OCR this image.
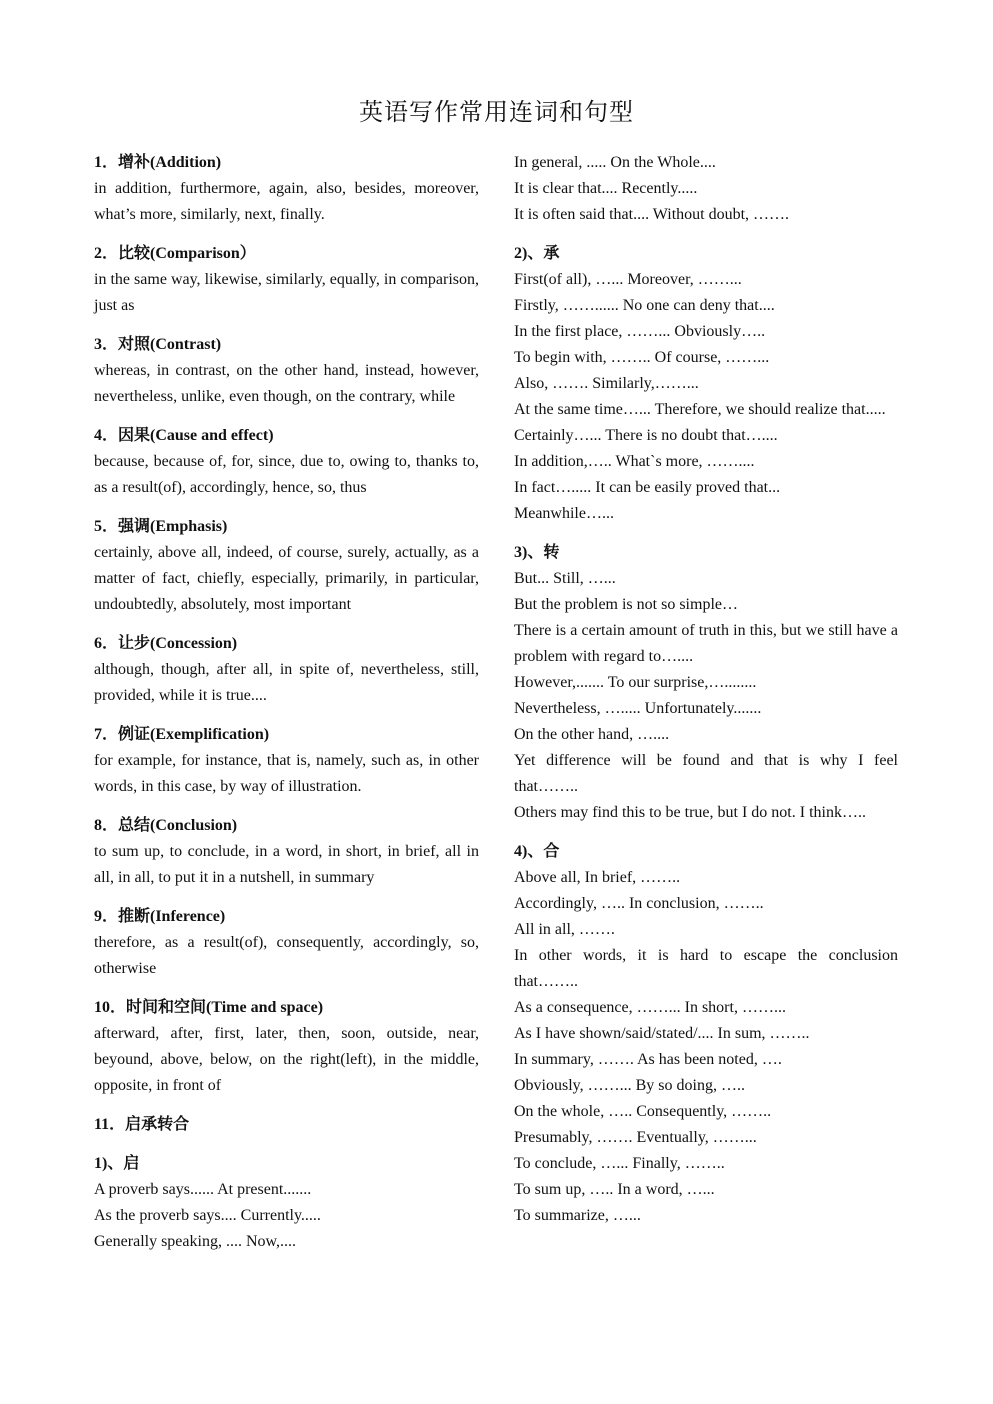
英语写作常用连词和句型

1．增补(Addition)

in addition, furthermore, again, also, besides, moreover, what’s more, similarly, next, finally.

2．比较(Comparison）

in the same way, likewise, similarly, equally, in comparison, just as

3．对照(Contrast)

whereas, in contrast, on the other hand, instead, however, nevertheless, unlike, even though, on the contrary, while

4．因果(Cause and effect)

because, because of, for, since, due to, owing to, thanks to, as a result(of), accordingly, hence, so, thus

5．强调(Emphasis)

certainly, above all, indeed, of course, surely, actually, as a matter of fact, chiefly, especially, primarily, in particular, undoubtedly, absolutely, most important

6．让步(Concession)

although, though, after all, in spite of, nevertheless, still, provided, while it is true....

7．例证(Exemplification)

for example, for instance, that is, namely, such as, in other words, in this case, by way of illustration.

8．总结(Conclusion)

to sum up, to conclude, in a word, in short, in brief, all in all, in all, to put it in a nutshell, in summary

9．推断(Inference)

therefore, as a result(of), consequently, accordingly, so, otherwise

10．时间和空间(Time and space)

afterward, after, first, later, then, soon, outside, near, beyound, above, below, on the right(left), in the middle, opposite, in front of

11．启承转合

1)、启

A proverb says...... At present.......

As the proverb says.... Currently.....

Generally speaking, .... Now,....

In general, ..... On the Whole....

It is clear that.... Recently.....

It is often said that.... Without doubt, …….

2)、承

First(of all), …... Moreover, ……...

Firstly, ……...... No one can deny that....

In the first place, ……... Obviously…..

To begin with, …….. Of course, ……...

Also, ……. Similarly,……...

At the same time…... Therefore, we should realize that.....

Certainly…... There is no doubt that…....

In addition,….. What`s more, ……....

In fact…..... It can be easily proved that...

Meanwhile…...

3)、转

But... Still, …...

But the problem is not so simple…

There is a certain amount of truth in this, but we still have a problem with regard to…....

However,....... To our surprise,…........

Nevertheless, …..... Unfortunately.......

On the other hand, …....

Yet difference will be found and that is why I feel that……..

Others may find this to be true, but I do not. I think…..

4)、合

Above all, In brief, ……..

Accordingly, ….. In conclusion, ……..

All in all, …….

In other words, it is hard to escape the conclusion that……..

As a consequence, ……... In short, ……...

As I have shown/said/stated/.... In sum, ……..

In summary, ……. As has been noted, ….

Obviously, ……... By so doing, …..

On the whole, ….. Consequently, ……..

Presumably, ……. Eventually, ……...

To conclude, …... Finally, ……..

To sum up, ….. In a word, …...

To summarize, …...
